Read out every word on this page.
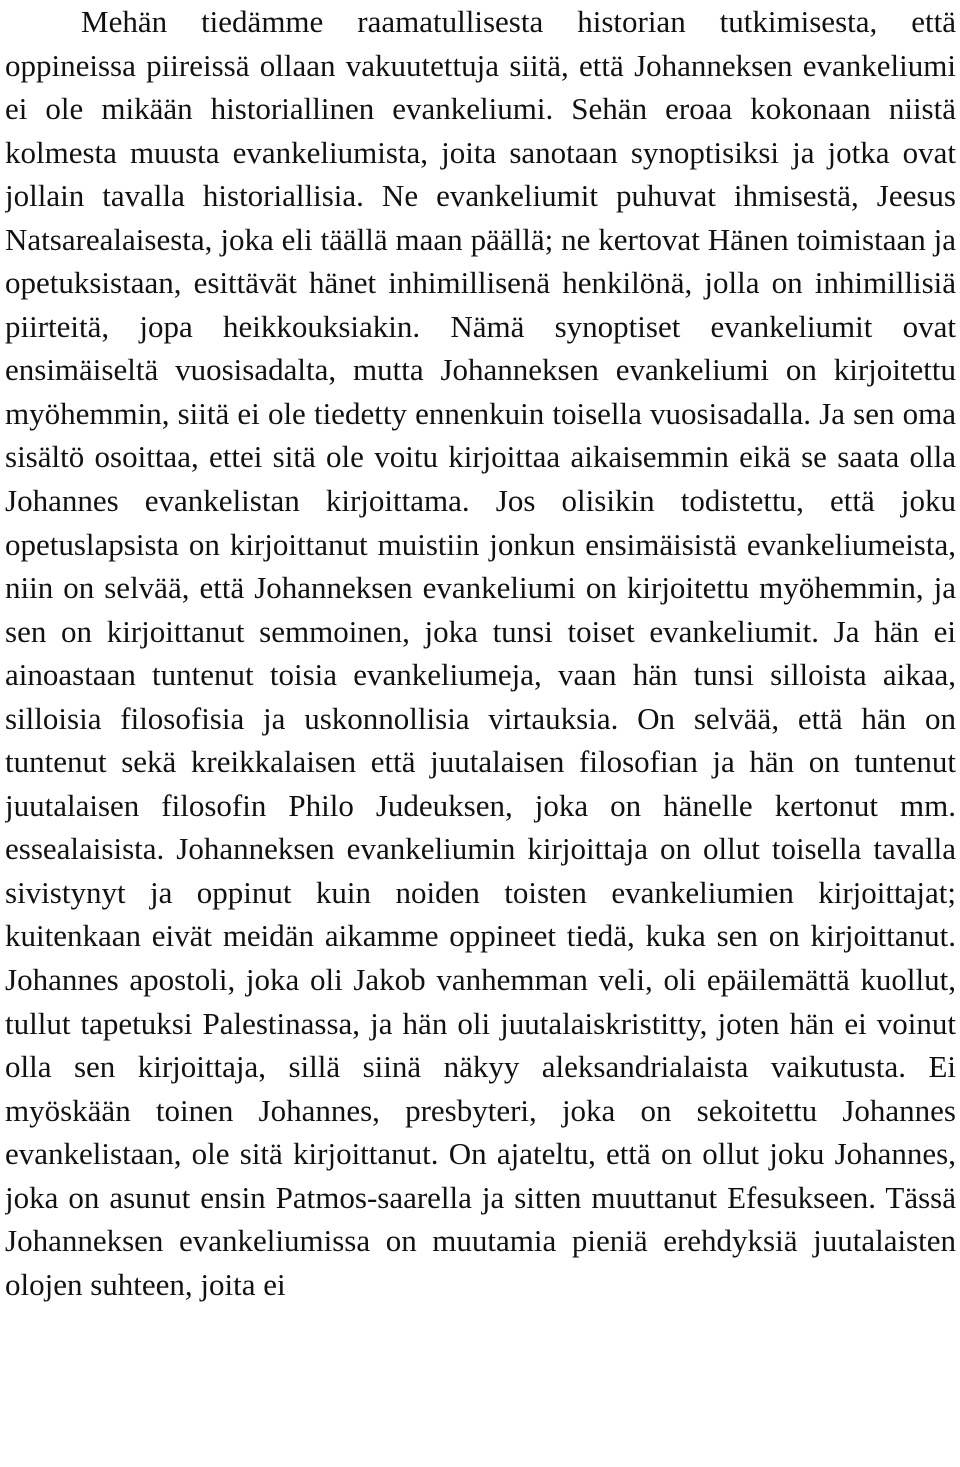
Mehän tiedämme raamatullisesta historian tutkimisesta, että oppineissa piireissä ollaan vakuutettuja siitä, että Johanneksen evankeliumi ei ole mikään historiallinen evankeliumi. Sehän eroaa kokonaan niistä kolmesta muusta evankeliumista, joita sanotaan synoptisiksi ja jotka ovat jollain tavalla historiallisia. Ne evankeliumit puhuvat ihmisestä, Jeesus Natsarealaisesta, joka eli täällä maan päällä; ne kertovat Hänen toimistaan ja opetuksistaan, esittävät hänet inhimillisenä henkilönä, jolla on inhimillisiä piirteitä, jopa heikkouksiakin. Nämä synoptiset evankeliumit ovat ensimäiseltä vuosisadalta, mutta Johanneksen evankeliumi on kirjoitettu myöhemmin, siitä ei ole tiedetty ennenkuin toisella vuosisadalla. Ja sen oma sisältö osoittaa, ettei sitä ole voitu kirjoittaa aikaisemmin eikä se saata olla Johannes evankelistan kirjoittama. Jos olisikin todistettu, että joku opetuslapsista on kirjoittanut muistiin jonkun ensimäisistä evankeliumeista, niin on selvää, että Johanneksen evankeliumi on kirjoitettu myöhemmin, ja sen on kirjoittanut semmoinen, joka tunsi toiset evankeliumit. Ja hän ei ainoastaan tuntenut toisia evankeliumeja, vaan hän tunsi silloista aikaa, silloisia filosofisia ja uskonnollisia virtauksia. On selvää, että hän on tuntenut sekä kreikkalaisen että juutalaisen filosofian ja hän on tuntenut juutalaisen filosofin Philo Judeuksen, joka on hänelle kertonut mm. essealaisista. Johanneksen evankeliumin kirjoittaja on ollut toisella tavalla sivistynyt ja oppinut kuin noiden toisten evankeliumien kirjoittajat; kuitenkaan eivät meidän aikamme oppineet tiedä, kuka sen on kirjoittanut. Johannes apostoli, joka oli Jakob vanhemman veli, oli epäilemättä kuollut, tullut tapetuksi Palestinassa, ja hän oli juutalaiskristitty, joten hän ei voinut olla sen kirjoittaja, sillä siinä näkyy aleksandrialaista vaikutusta. Ei myöskään toinen Johannes, presbyteri, joka on sekoitettu Johannes evankelistaan, ole sitä kirjoittanut. On ajateltu, että on ollut joku Johannes, joka on asunut ensin Patmos-saarella ja sitten muuttanut Efesukseen. Tässä Johanneksen evankeliumissa on muutamia pieniä erehdyksiä juutalaisten olojen suhteen, joita ei
